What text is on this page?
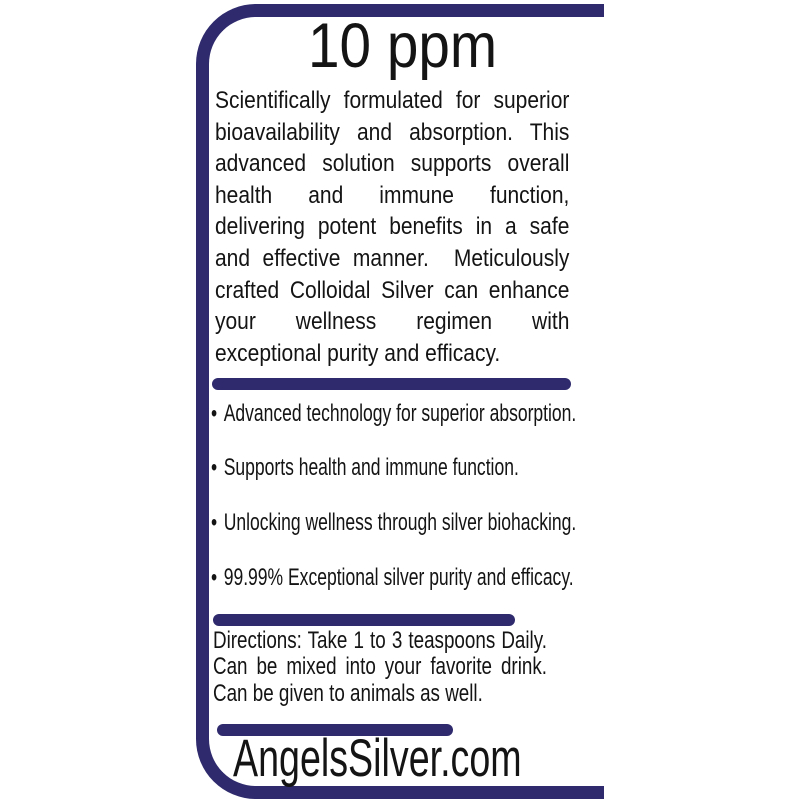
10 ppm
Scientifically formulated for superior
bioavailability and absorption. This
advanced solution supports overall
health and immune function,
delivering potent benefits in a safe
and effective manner.  Meticulously
crafted Colloidal Silver can enhance
your wellness regimen with
exceptional purity and efficacy.
• Advanced technology for superior absorption.
• Supports health and immune function.
• Unlocking wellness through silver biohacking.
• 99.99% Exceptional silver purity and efficacy.
Directions: Take 1 to 3 teaspoons Daily.
Can be mixed into your favorite drink.
Can be given to animals as well.
AngelsSilver.com
